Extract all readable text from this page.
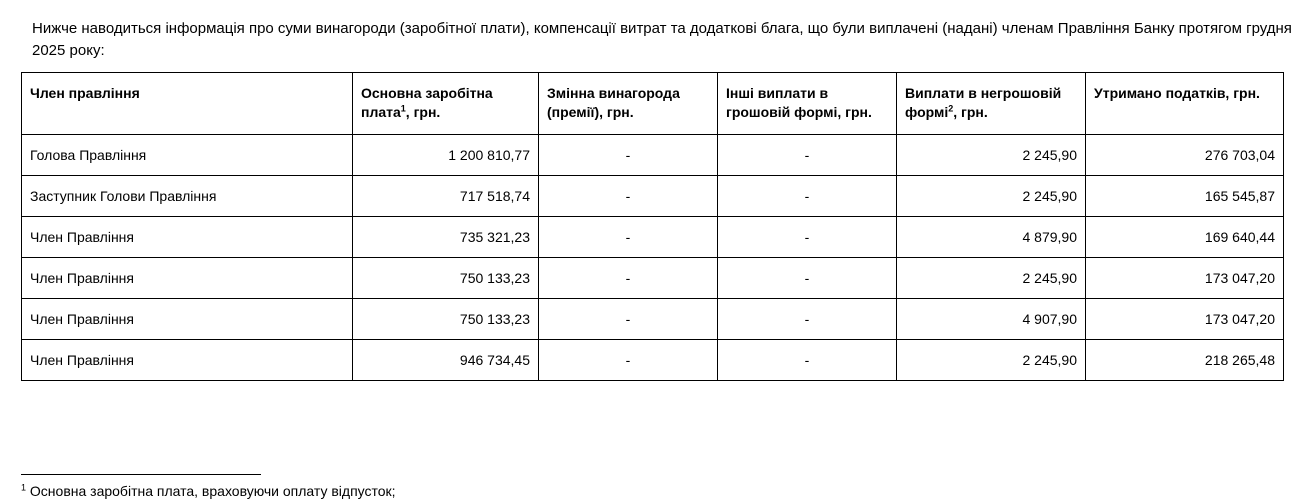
Нижче наводиться інформація про суми винагороди (заробітної плати), компенсації витрат та додаткові блага, що були виплачені (надані) членам Правління Банку протягом грудня 2025 року:

Член правління	Основна заробітна плата$^1$, грн.	Змінна винагорода (премії), грн.	Інші виплати в грошовій формі, грн.	Виплати в негрошовій формі$^2$, грн.	Утримано податків, грн.
Голова Правління	1 200 810,77	-	-	2 245,90	276 703,04
Заступник Голови Правління	717 518,74	-	-	2 245,90	165 545,87
Член Правління	735 321,23	-	-	4 879,90	169 640,44
Член Правління	750 133,23	-	-	2 245,90	173 047,20
Член Правління	750 133,23	-	-	4 907,90	173 047,20
Член Правління	946 734,45	-	-	2 245,90	218 265,48

$^1$ Основна заробітна плата, враховуючи оплату відпусток;
